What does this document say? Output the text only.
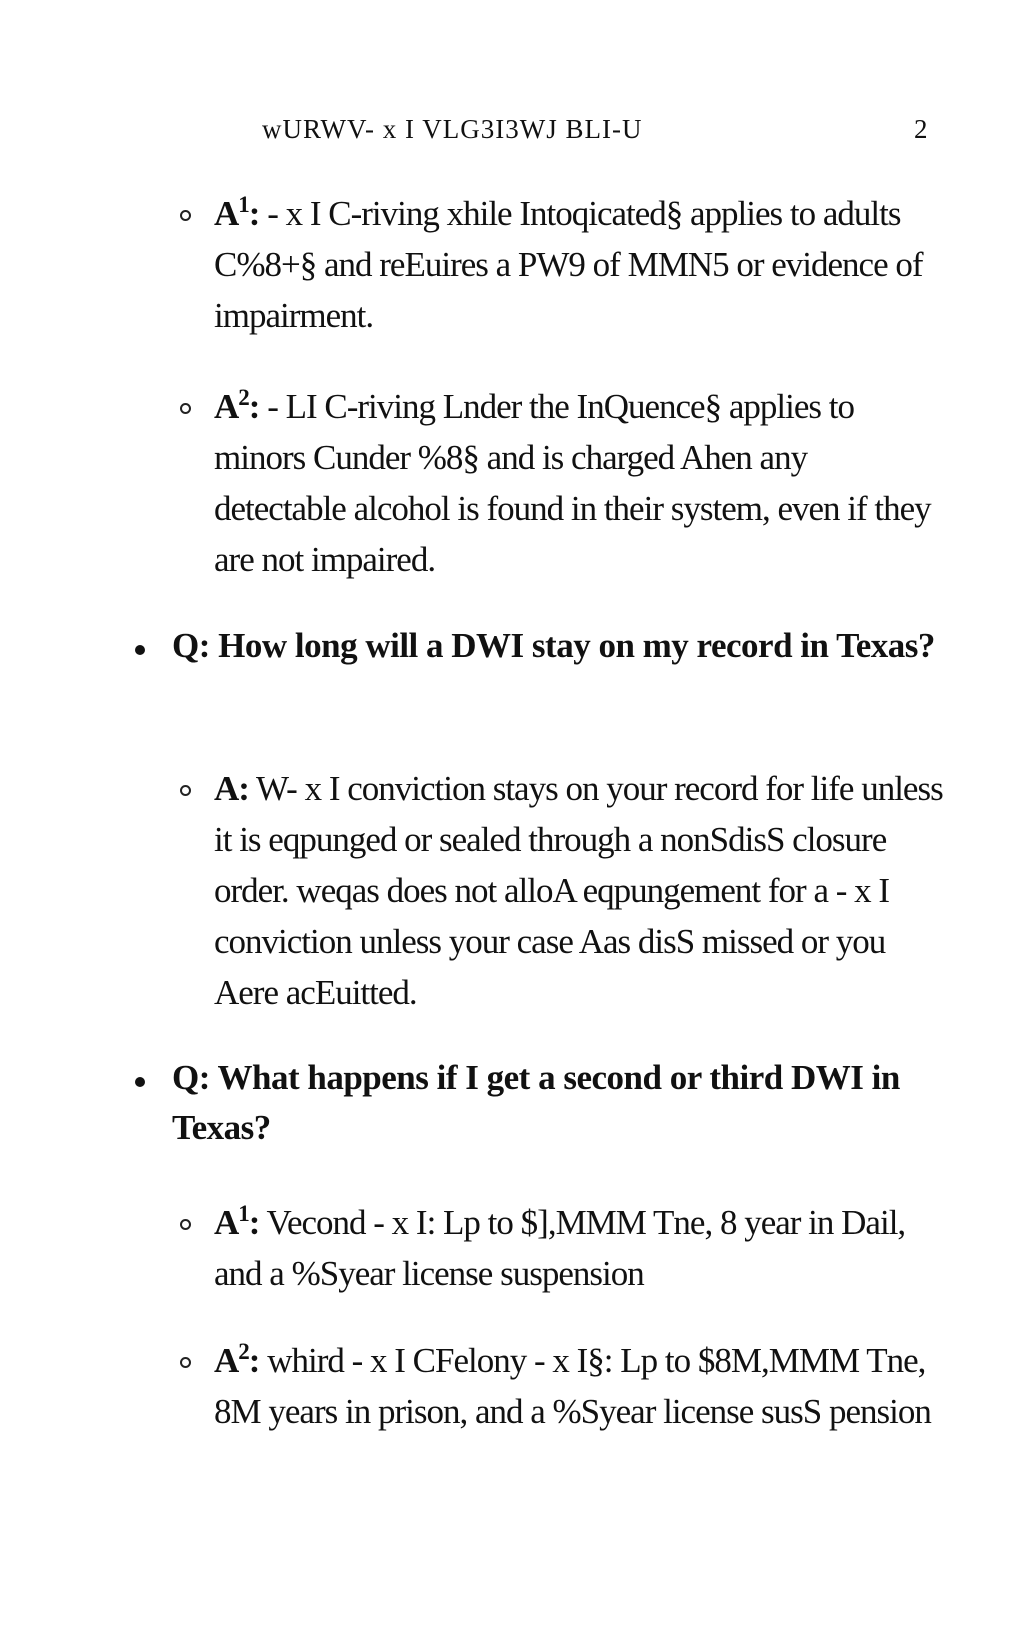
wURWV- x I VLG3I3WJ BLI-U	2
$A^1$: - x I C-riving xhile Intoqicated§ applies to adults C%8+§ and reEuires a PW9 of MMN5 or evidence of impairment.
$A^2$: - LI C-riving Lnder the InQuence§ applies to minors Cunder %8§ and is charged Ahen any detectable alcohol is found in their system, even if they are not impaired.
Q: How long will a DWI stay on my record in Texas?
A: W- x I conviction stays on your record for life unless it is eqpunged or sealed through a nonSdisS closure order. weqas does not alloA eqpungement for a - x I conviction unless your case Aas disS missed or you Aere acEuitted.
Q: What happens if I get a second or third DWI in Texas?
$A^1$: Vecond - x I: Lp to $],MMM Tne, 8 year in Dail, and a %Syear license suspension
$A^2$: whird - x I CFelony - x I§: Lp to $8M,MMM Tne, 8M years in prison, and a %Syear license susS pension
